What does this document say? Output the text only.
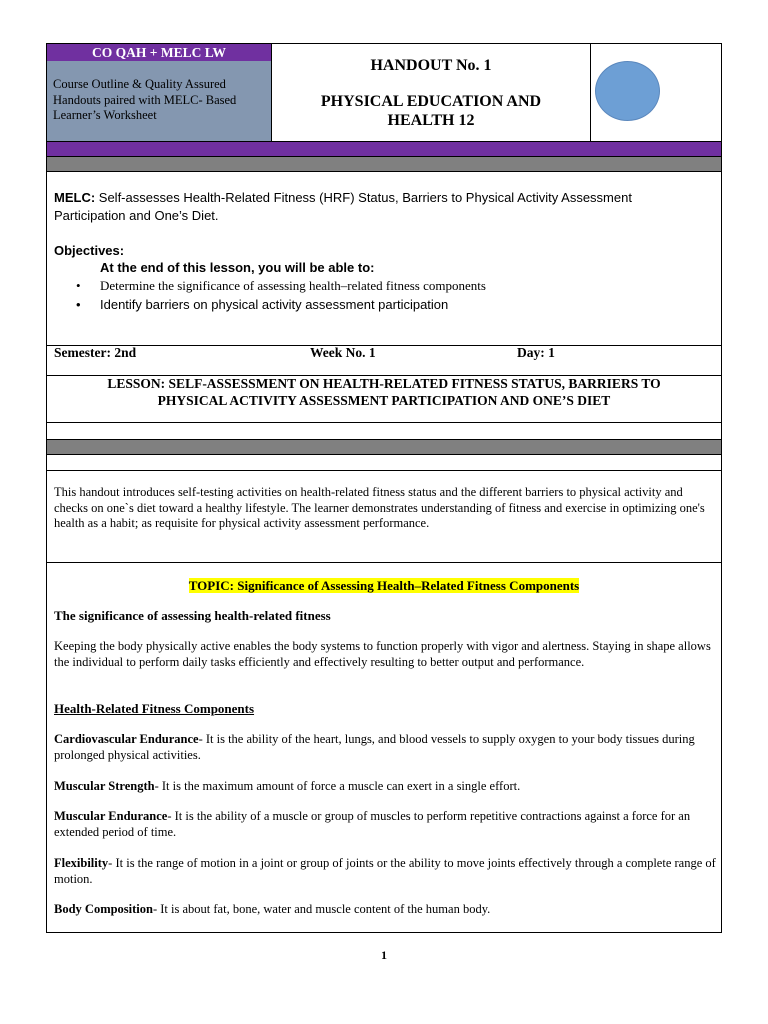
CO QAH + MELC LW
Course Outline & Quality Assured Handouts paired with MELC- Based Learner’s Worksheet
HANDOUT No. 1
PHYSICAL EDUCATION AND HEALTH 12
MELC: Self-assesses Health-Related Fitness (HRF) Status, Barriers to Physical Activity Assessment Participation and One’s Diet.
Objectives:
At the end of this lesson, you will be able to:
• Determine the significance of assessing health–related fitness components
• Identify barriers on physical activity assessment participation
Semester: 2nd	Week No. 1	Day: 1
LESSON: SELF-ASSESSMENT ON HEALTH-RELATED FITNESS STATUS, BARRIERS TO PHYSICAL ACTIVITY ASSESSMENT PARTICIPATION AND ONE’S DIET
This handout introduces self-testing activities on health-related fitness status and the different barriers to physical activity and checks on one`s diet toward a healthy lifestyle. The learner demonstrates understanding of fitness and exercise in optimizing one's health as a habit; as requisite for physical activity assessment performance.
TOPIC: Significance of Assessing Health–Related Fitness Components
The significance of assessing health-related fitness
Keeping the body physically active enables the body systems to function properly with vigor and alertness. Staying in shape allows the individual to perform daily tasks efficiently and effectively resulting to better output and performance.
Health-Related Fitness Components
Cardiovascular Endurance- It is the ability of the heart, lungs, and blood vessels to supply oxygen to your body tissues during prolonged physical activities.
Muscular Strength- It is the maximum amount of force a muscle can exert in a single effort.
Muscular Endurance- It is the ability of a muscle or group of muscles to perform repetitive contractions against a force for an extended period of time.
Flexibility- It is the range of motion in a joint or group of joints or the ability to move joints effectively through a complete range of motion.
Body Composition- It is about fat, bone, water and muscle content of the human body.
1
